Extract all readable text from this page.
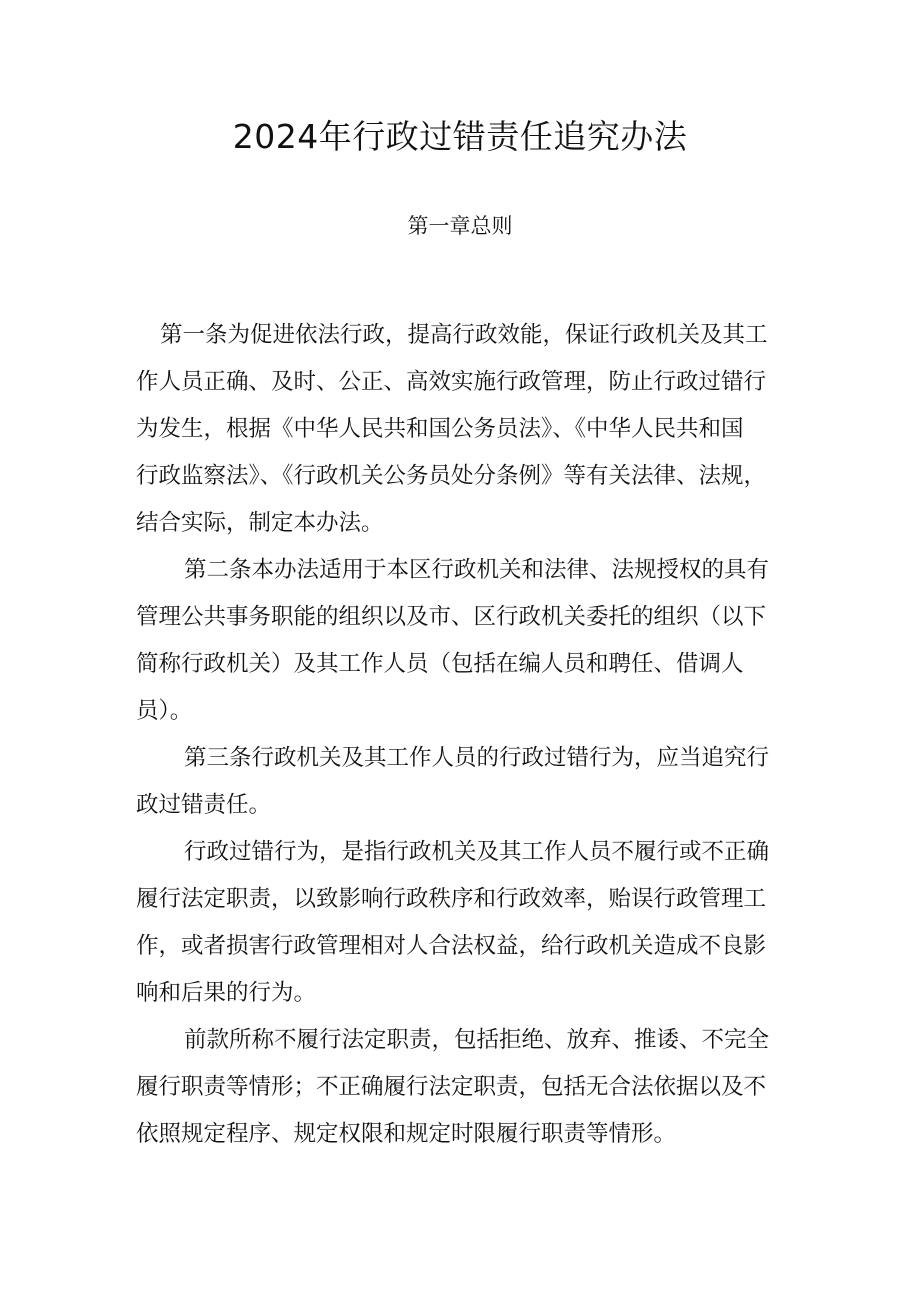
2024年行政过错责任追究办法
第一章总则
第一条为促进依法行政，提高行政效能，保证行政机关及其工
作人员正确、及时、公正、高效实施行政管理，防止行政过错行
为发生，根据《中华人民共和国公务员法》、《中华人民共和国
行政监察法》、《行政机关公务员处分条例》等有关法律、法规，
结合实际，制定本办法。
第二条本办法适用于本区行政机关和法律、法规授权的具有
管理公共事务职能的组织以及市、区行政机关委托的组织（以下
简称行政机关）及其工作人员（包括在编人员和聘任、借调人
员）。
第三条行政机关及其工作人员的行政过错行为，应当追究行
政过错责任。
行政过错行为，是指行政机关及其工作人员不履行或不正确
履行法定职责，以致影响行政秩序和行政效率，贻误行政管理工
作，或者损害行政管理相对人合法权益，给行政机关造成不良影
响和后果的行为。
前款所称不履行法定职责，包括拒绝、放弃、推诿、不完全
履行职责等情形；不正确履行法定职责，包括无合法依据以及不
依照规定程序、规定权限和规定时限履行职责等情形。
